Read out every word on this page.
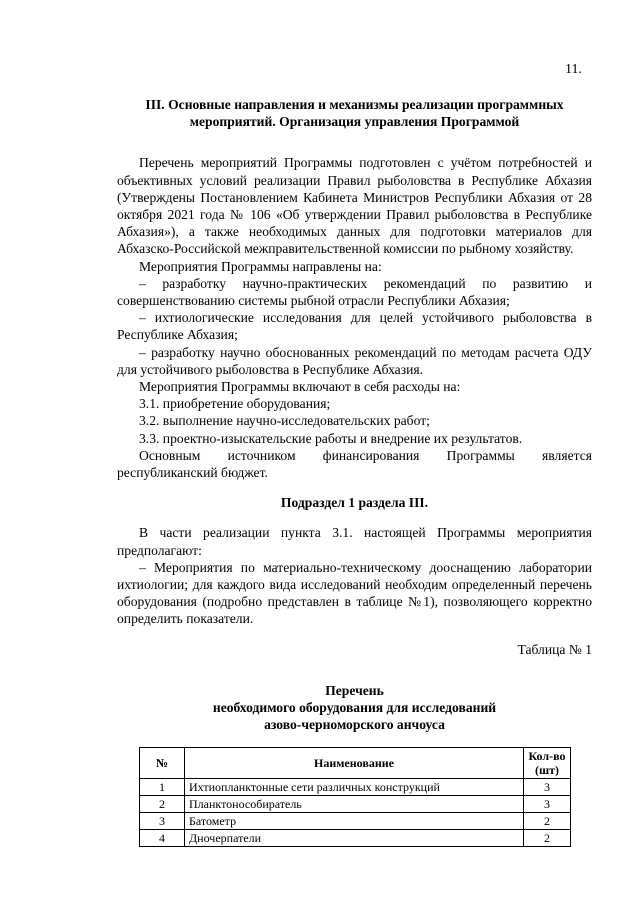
11.

III. Основные направления и механизмы реализации программных мероприятий. Организация управления Программой

Перечень мероприятий Программы подготовлен с учётом потребностей и объективных условий реализации Правил рыболовства в Республике Абхазия (Утверждены Постановлением Кабинета Министров Республики Абхазия от 28 октября 2021 года № 106 «Об утверждении Правил рыболовства в Республике Абхазия»), а также необходимых данных для подготовки материалов для Абхазско-Российской межправительственной комиссии по рыбному хозяйству.

Мероприятия Программы направлены на:

– разработку научно-практических рекомендаций по развитию и совершенствованию системы рыбной отрасли Республики Абхазия;

– ихтиологические исследования для целей устойчивого рыболовства в Республике Абхазия;

– разработку научно обоснованных рекомендаций по методам расчета ОДУ для устойчивого рыболовства в Республике Абхазия.

Мероприятия Программы включают в себя расходы на:

3.1. приобретение оборудования;

3.2. выполнение научно-исследовательских работ;

3.3. проектно-изыскательские работы и внедрение их результатов.

Основным источником финансирования Программы является республиканский бюджет.

Подраздел 1 раздела III.

В части реализации пункта 3.1. настоящей Программы мероприятия предполагают:

– Мероприятия по материально-техническому дооснащению лаборатории ихтиологии; для каждого вида исследований необходим определенный перечень оборудования (подробно представлен в таблице №1), позволяющего корректно определить показатели.

Таблица № 1

Перечень

необходимого оборудования для исследований

азово-черноморского анчоуса

№	Наименование	Кол-во (шт)
1	Ихтиопланктонные сети различных конструкций	3
2	Планктонособиратель	3
3	Батометр	2
4	Дночерпатели	2
